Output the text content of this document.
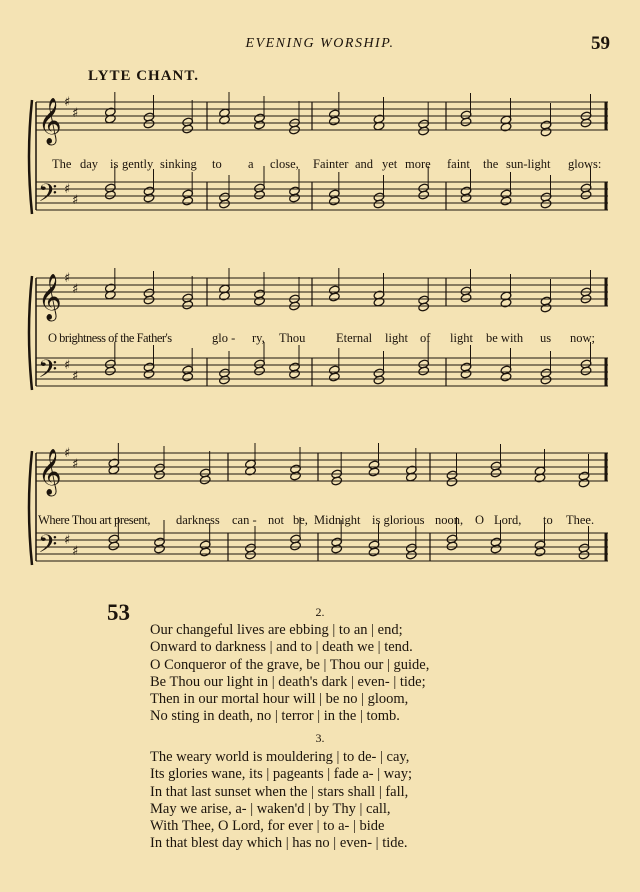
EVENING WORSHIP.	59
LYTE CHANT.
𝄞
𝄢
♯
♯
♯
♯
The day is gently sinking to a close, Fainter and yet more faint the sun-light glows:
𝄞
𝄢
♯
♯
♯
♯
O brightness of the Father's	glo - ry, Thou Eternal light of light be with us now;
𝄞
𝄢
♯
♯
♯
♯
Where Thou art present, darkness can - not be, Midnight is glorious noon, O Lord, to Thee.
53	2.
Our changeful lives are ebbing | to an | end;
Onward to darkness | and to | death we | tend.
O Conqueror of the grave, be | Thou our | guide,
Be Thou our light in | death's dark | even- | tide;
Then in our mortal hour will | be no | gloom,
No sting in death, no | terror | in the | tomb.
3.
The weary world is mouldering | to de- | cay,
Its glories wane, its | pageants | fade a- | way;
In that last sunset when the | stars shall | fall,
May we arise, a- | waken'd | by Thy | call,
With Thee, O Lord, for ever | to a- | bide
In that blest day which | has no | even- | tide.
